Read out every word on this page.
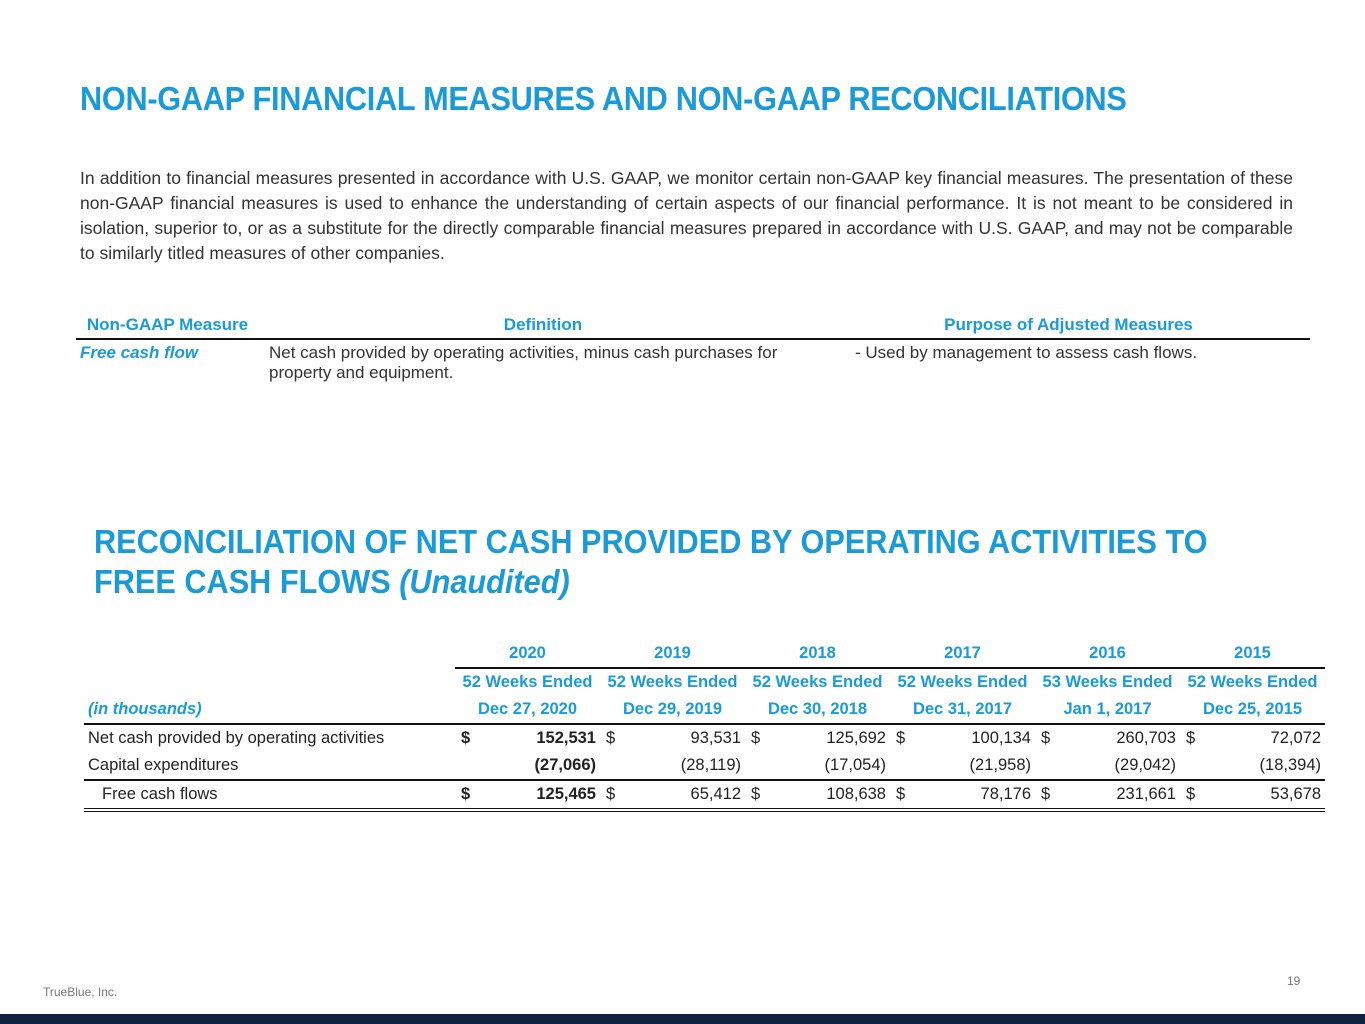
NON-GAAP FINANCIAL MEASURES AND NON-GAAP RECONCILIATIONS

In addition to financial measures presented in accordance with U.S. GAAP, we monitor certain non-GAAP key financial measures. The presentation of these non-GAAP financial measures is used to enhance the understanding of certain aspects of our financial performance. It is not meant to be considered in isolation, superior to, or as a substitute for the directly comparable financial measures prepared in accordance with U.S. GAAP, and may not be comparable to similarly titled measures of other companies.

Non-GAAP Measure	Definition	Purpose of Adjusted Measures
Free cash flow	Net cash provided by operating activities, minus cash purchases for property and equipment.	- Used by management to assess cash flows.
RECONCILIATION OF NET CASH PROVIDED BY OPERATING ACTIVITIES TO
FREE CASH FLOWS (Unaudited)
	2020		2019		2018		2017		2016		2015	
	52 Weeks Ended		52 Weeks Ended		52 Weeks Ended		52 Weeks Ended		53 Weeks Ended		52 Weeks Ended	
(in thousands)	Dec 27, 2020		Dec 29, 2019		Dec 30, 2018		Dec 31, 2017		Jan 1, 2017		Dec 25, 2015	
Net cash provided by operating activities	$	152,531	$	93,531	$	125,692	$	100,134	$	260,703	$	72,072
Capital expenditures		(27,066)		(28,119)		(17,054)		(21,958)		(29,042)		(18,394)
Free cash flows	$	125,465	$	65,412	$	108,638	$	78,176	$	231,661	$	53,678
19
TrueBlue, Inc.
